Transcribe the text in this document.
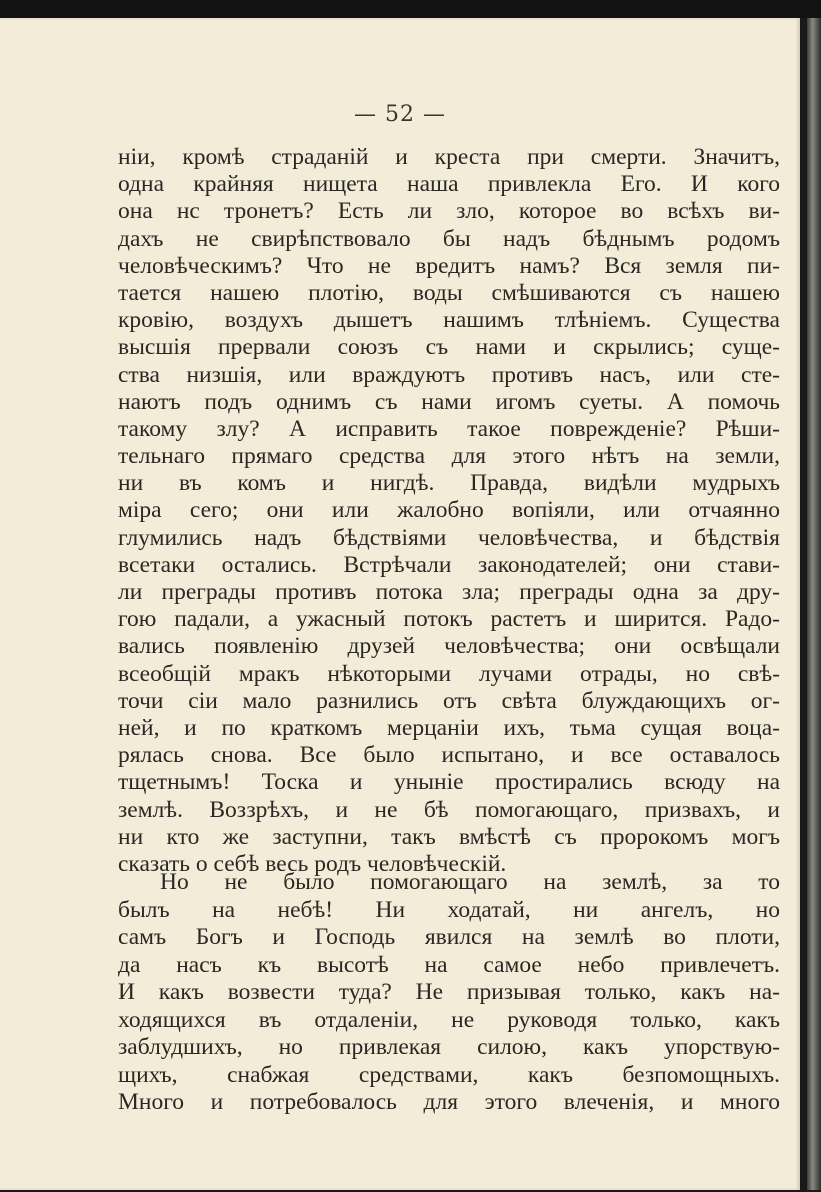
— 52 —
нiи, кромѣ страданiй и креста при смерти. Значитъ,
одна крайняя нищета наша привлекла Его. И кого
она нс тронетъ? Есть ли зло, которое во всѣхъ ви-
дахъ не свирѣпствовало бы надъ бѣднымъ родомъ
человѣческимъ? Что не вредитъ намъ? Вся земля пи-
тается нашею плотiю, воды смѣшиваются съ нашею
кровiю, воздухъ дышетъ нашимъ тлѣнiемъ. Существа
высшiя прервали союзъ съ нами и скрылись; суще-
ства низшiя, или враждуютъ противъ насъ, или сте-
наютъ подъ однимъ съ нами игомъ суеты. А помочь
такому злу? А исправить такое поврежденiе? Рѣши-
тельнаго прямаго средства для этого нѣтъ на земли,
ни въ комъ и нигдѣ. Правда, видѣли мудрыхъ
мiра сего; они или жалобно вопiяли, или отчаянно
глумились надъ бѣдствiями человѣчества, и бѣдствiя
всетаки остались. Встрѣчали законодателей; они стави-
ли преграды противъ потока зла; преграды одна за дру-
гою падали, а ужасный потокъ растетъ и ширится. Радо-
вались появленiю друзей человѣчества; они освѣщали
всеобщiй мракъ нѣкоторыми лучами отрады, но свѣ-
точи сiи мало разнились отъ свѣта блуждающихъ ог-
ней, и по краткомъ мерцанiи ихъ, тьма сущая воца-
рялась снова. Все было испытано, и все оставалось
тщетнымъ! Тоска и унынiе простирались всюду на
землѣ. Воззрѣхъ, и не бѣ помогающаго, призвахъ, и
ни кто же заступни, такъ вмѣстѣ съ пророкомъ могъ
сказать о себѣ весь родъ человѣческiй.
Но не было помогающаго на землѣ, за то
былъ на небѣ! Ни ходатай, ни ангелъ, но
самъ Богъ и Господь явился на землѣ во плоти,
да насъ къ высотѣ на самое небо привлечетъ.
И какъ возвести туда? Не призывая только, какъ на-
ходящихся въ отдаленiи, не руководя только, какъ
заблудшихъ, но привлекая силою, какъ упорствую-
щихъ, снабжая средствами, какъ безпомощныхъ.
Много и потребовалось для этого влеченiя, и много
